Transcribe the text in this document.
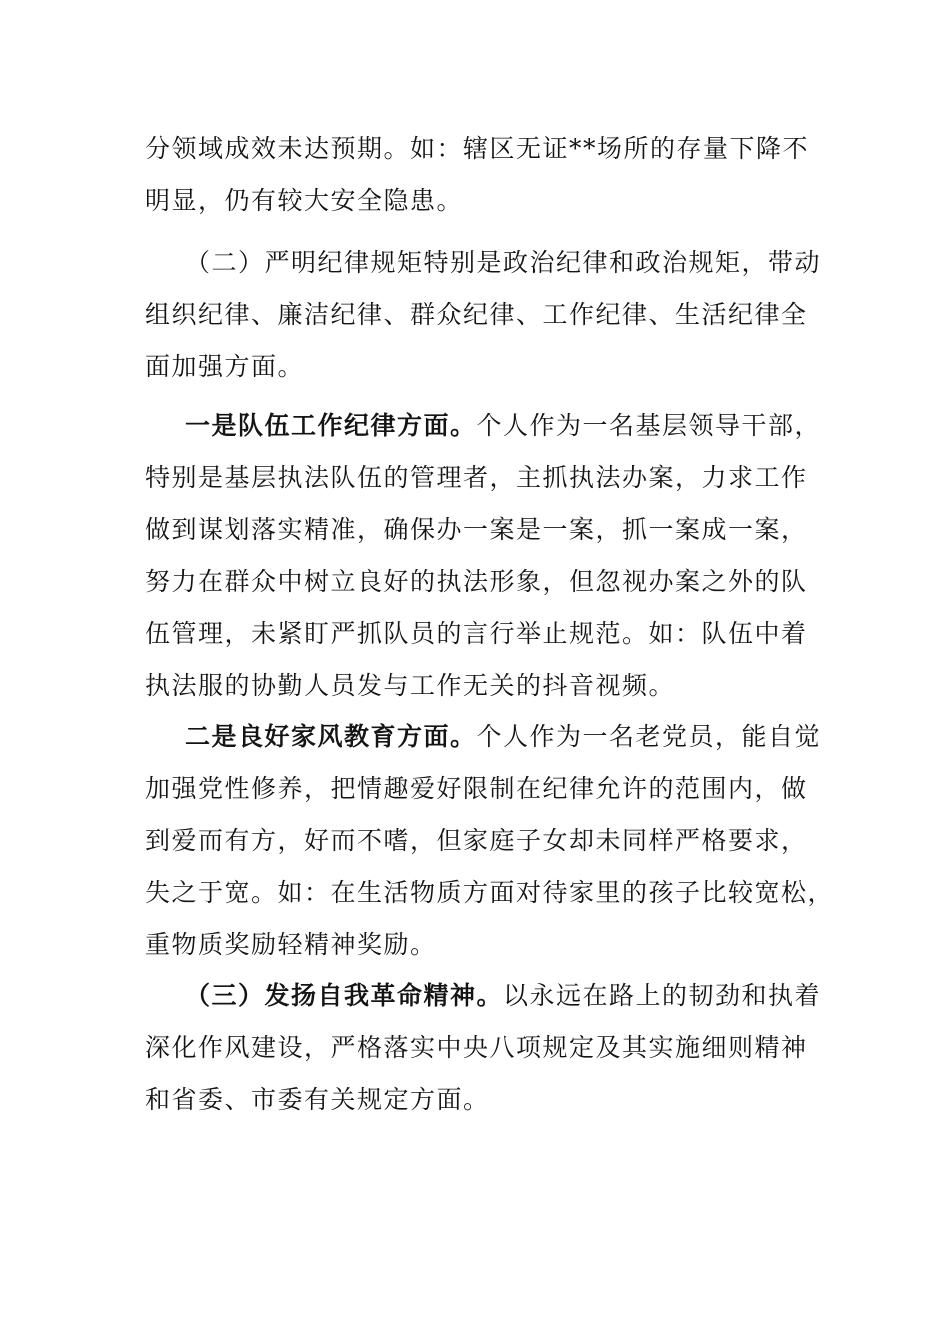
分领域成效未达预期。如：辖区无证**场所的存量下降不
明显，仍有较大安全隐患。
（二）严明纪律规矩特别是政治纪律和政治规矩，带动
组织纪律、廉洁纪律、群众纪律、工作纪律、生活纪律全
面加强方面。
一是队伍工作纪律方面。个人作为一名基层领导干部，
特别是基层执法队伍的管理者，主抓执法办案，力求工作
做到谋划落实精准，确保办一案是一案，抓一案成一案，
努力在群众中树立良好的执法形象，但忽视办案之外的队
伍管理，未紧盯严抓队员的言行举止规范。如：队伍中着
执法服的协勤人员发与工作无关的抖音视频。
二是良好家风教育方面。个人作为一名老党员，能自觉
加强党性修养，把情趣爱好限制在纪律允许的范围内，做
到爱而有方，好而不嗜，但家庭子女却未同样严格要求，
失之于宽。如：在生活物质方面对待家里的孩子比较宽松，
重物质奖励轻精神奖励。
（三）发扬自我革命精神。以永远在路上的韧劲和执着
深化作风建设，严格落实中央八项规定及其实施细则精神
和省委、市委有关规定方面。
